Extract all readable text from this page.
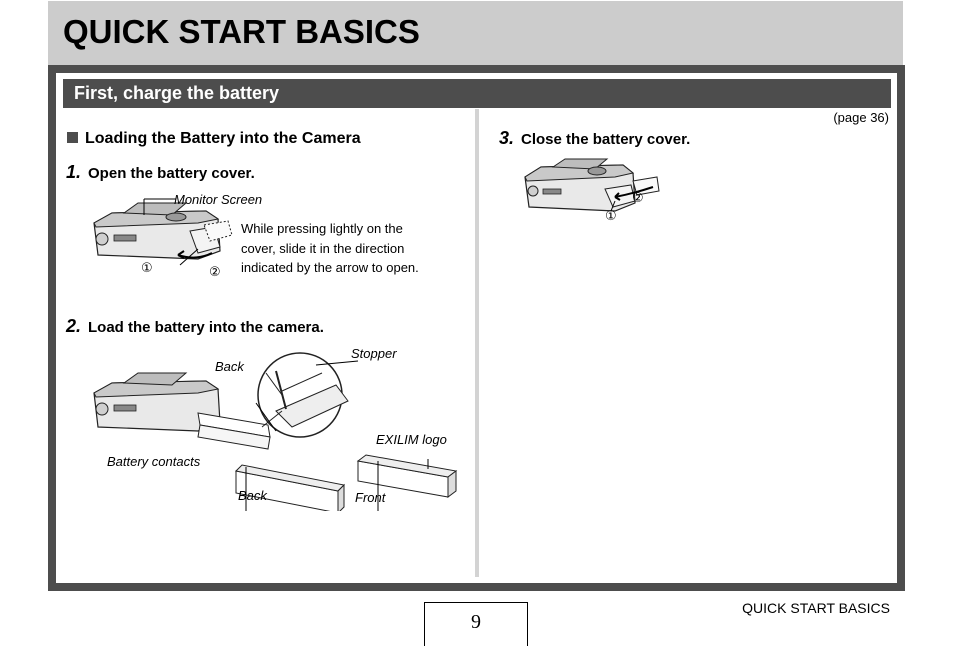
QUICK START BASICS
First, charge the battery
(page 36)
Loading the Battery into the Camera
1. Open the battery cover.
Monitor Screen
①	②
While pressing lightly on the
cover, slide it in the direction
indicated by the arrow to open.
2. Load the battery into the camera.
Back
Stopper
EXILIM logo
Battery contacts
Back	Front
3. Close the battery cover.
①
②
9
QUICK START BASICS
